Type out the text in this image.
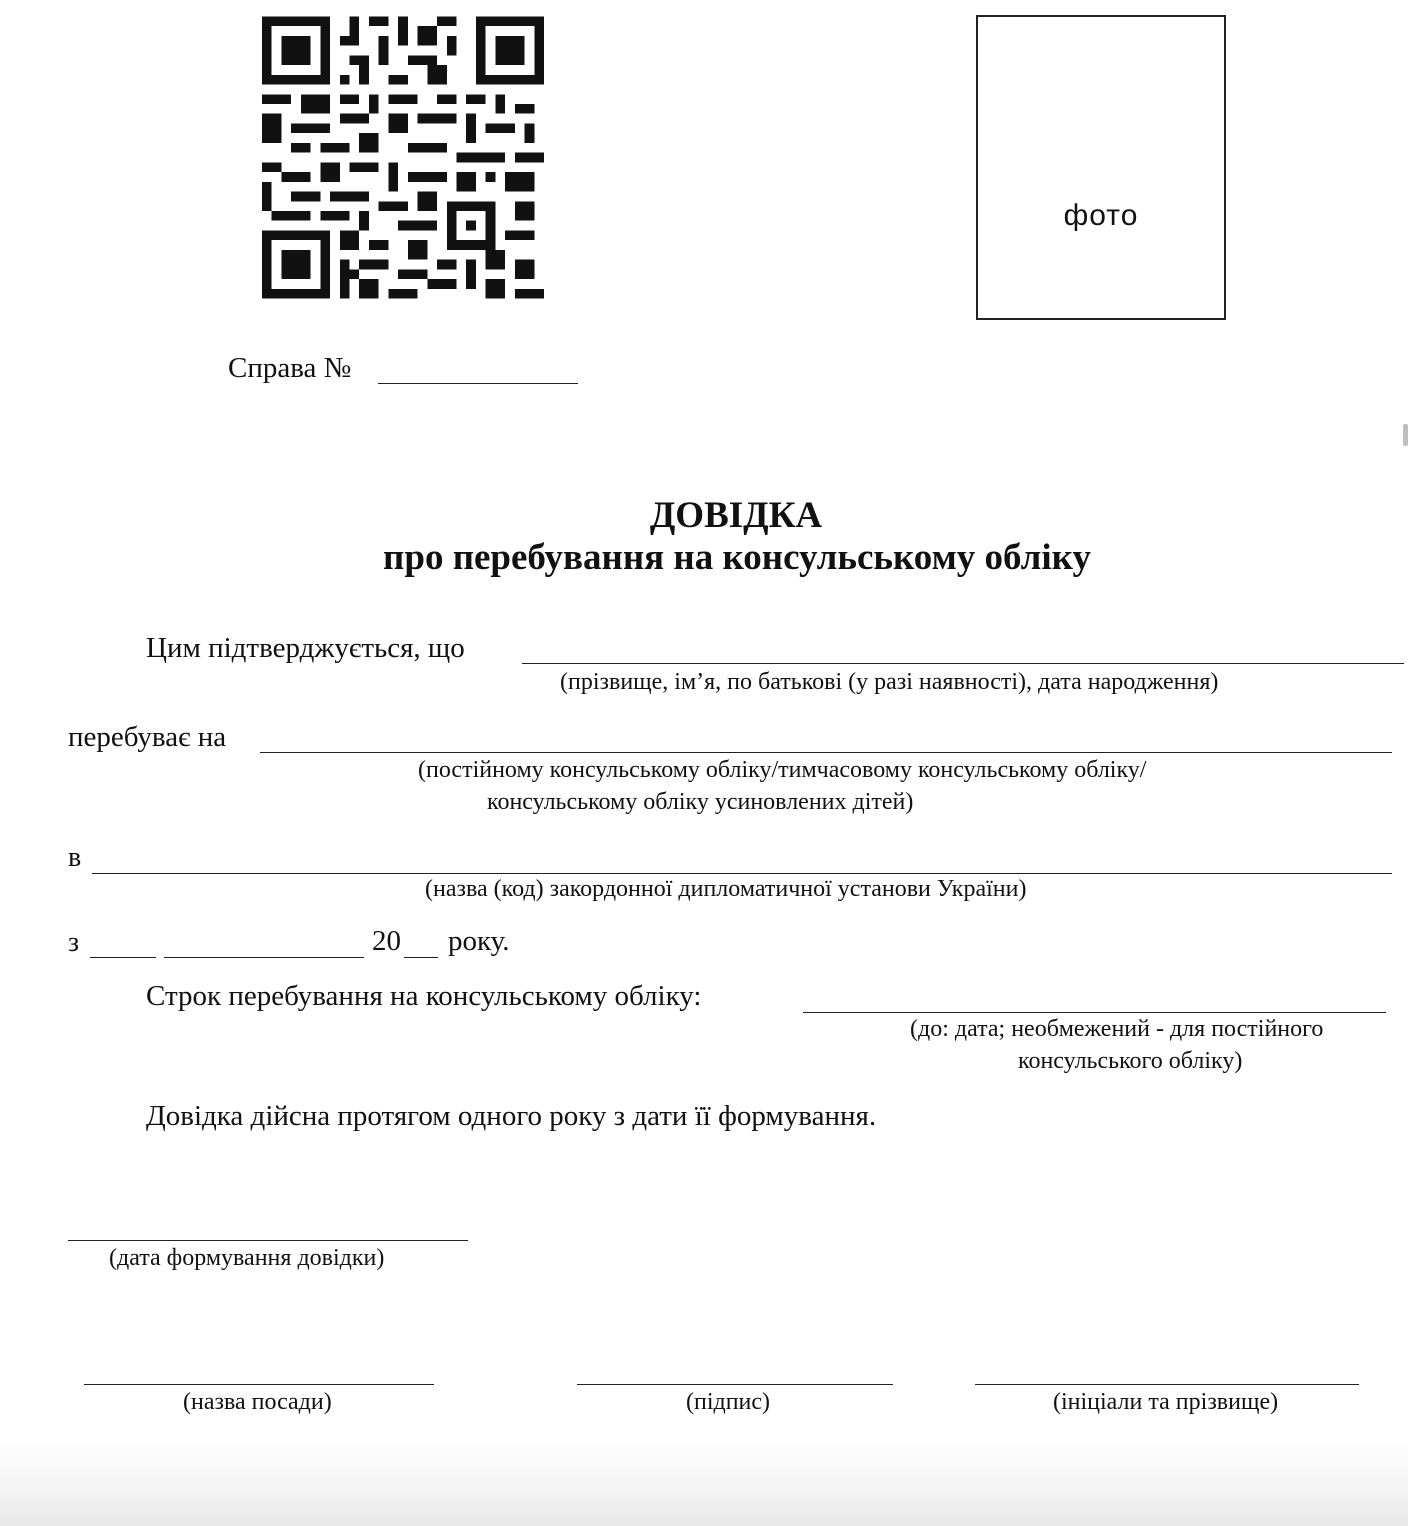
фото
Справа №
ДОВІДКА
про перебування на консульському обліку
Цим підтверджується, що
(прізвище, ім’я, по батькові (у разі наявності), дата народження)
перебуває на
(постійному консульському обліку/тимчасовому консульському обліку/
консульському обліку усиновлених дітей)
в
(назва (код) закордонної дипломатичної установи України)
з	20 року.
Строк перебування на консульському обліку:
(до: дата; необмежений - для постійного
консульського обліку)
Довідка дійсна протягом одного року з дати її формування.
(дата формування довідки)
(назва посади)	(підпис)	(ініціали та прізвище)
